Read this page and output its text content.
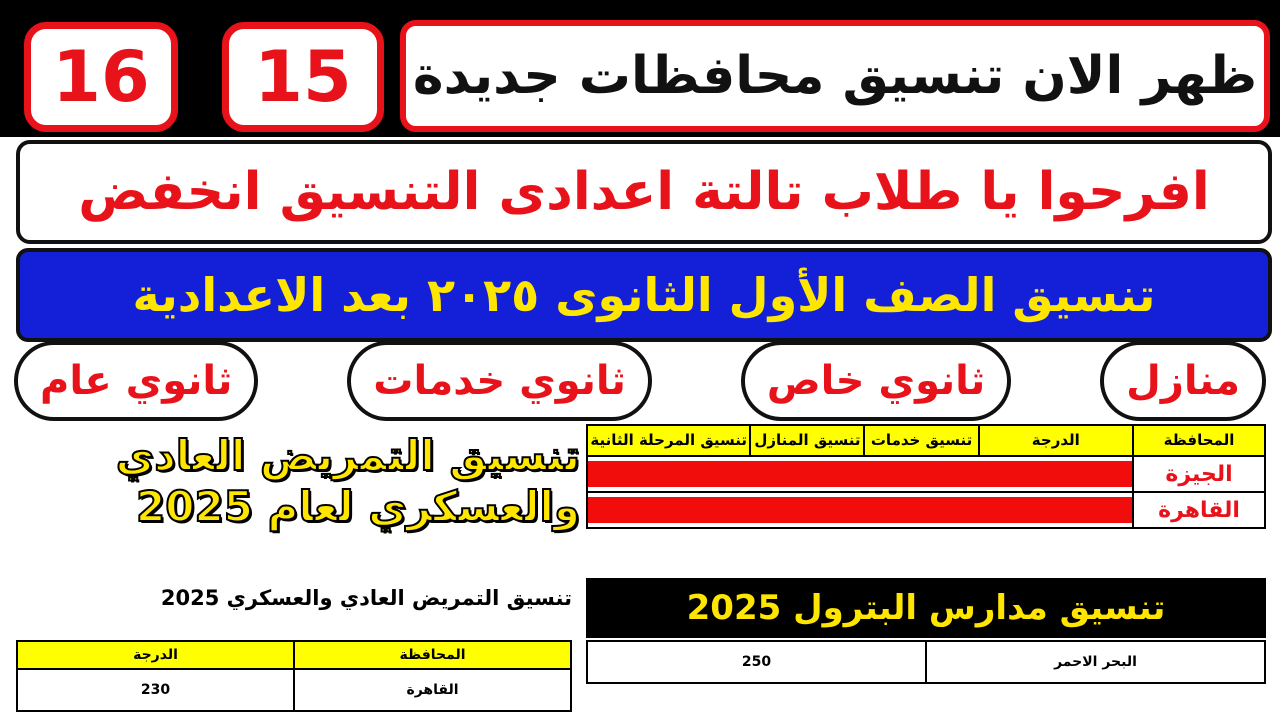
16	15	ظهر الان تنسيق محافظات جديدة
افرحوا يا طلاب تالتة اعدادى التنسيق انخفض
تنسيق الصف الأول الثانوى ٢٠٢٥ بعد الاعدادية
ثانوي عام	ثانوي خدمات	ثانوي خاص	منازل
تنسيق التمريض العادي والعسكري لعام 2025
المحافظة	الدرجة	تنسيق خدمات	تنسيق المنازل	تنسيق المرحلة الثانية
الجيزة				

القاهرة				
تنسيق مدارس البترول 2025
تنسيق التمريض العادي والعسكري 2025
المحافظة	الدرجة
القاهرة	230
البحر الاحمر	250
